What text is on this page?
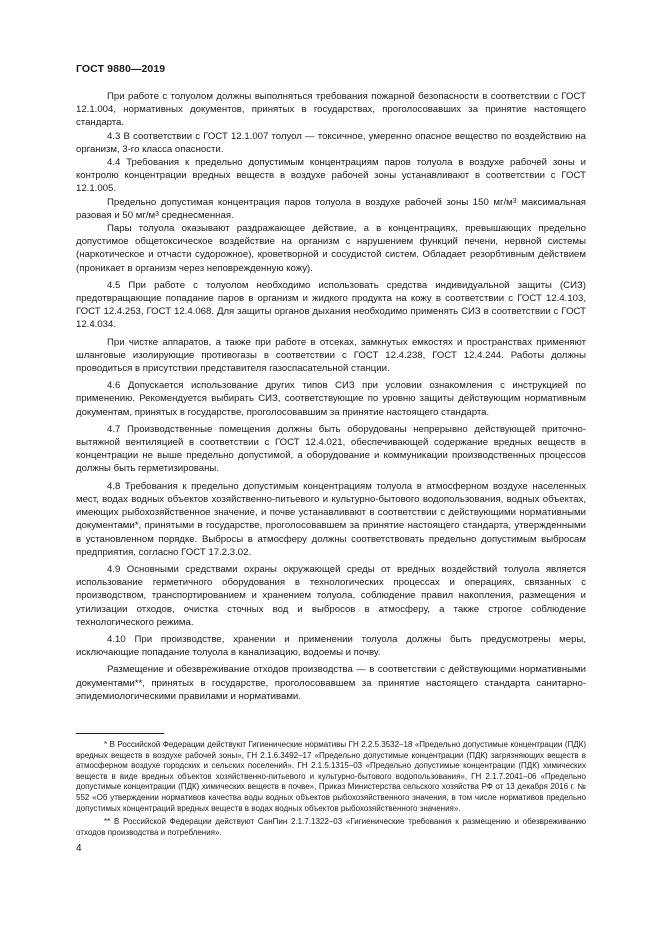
ГОСТ 9880—2019

При работе с толуолом должны выполняться требования пожарной безопасности в соответствии с ГОСТ 12.1.004, нормативных документов, принятых в государствах, проголосовавших за принятие настоящего стандарта.

4.3 В соответствии с ГОСТ 12.1.007 толуол — токсичное, умеренно опасное вещество по воздействию на организм, 3-го класса опасности.

4.4 Требования к предельно допустимым концентрациям паров толуола в воздухе рабочей зоны и контролю концентрации вредных веществ в воздухе рабочей зоны устанавливают в соответствии с ГОСТ 12.1.005.

Предельно допустимая концентрация паров толуола в воздухе рабочей зоны 150 $мг/м^3$ максимальная разовая и 50 $мг/м^3$ среднесменная.

Пары толуола оказывают раздражающее действие, а в концентрациях, превышающих предельно допустимое общетоксическое воздействие на организм с нарушением функций печени, нервной системы (наркотическое и отчасти судорожное), кроветворной и сосудистой систем. Обладает резорбтивным действием (проникает в организм через неповрежденную кожу).

4.5 При работе с толуолом необходимо использовать средства индивидуальной защиты (СИЗ) предотвращающие попадание паров в организм и жидкого продукта на кожу в соответствии с ГОСТ 12.4.103, ГОСТ 12.4.253, ГОСТ 12.4.068. Для защиты органов дыхания необходимо применять СИЗ в соответствии с ГОСТ 12.4.034.

При чистке аппаратов, а также при работе в отсеках, замкнутых емкостях и пространствах применяют шланговые изолирующие противогазы в соответствии с ГОСТ 12.4.238, ГОСТ 12.4.244. Работы должны проводиться в присутствии представителя газоспасательной станции.

4.6 Допускается использование других типов СИЗ при условии ознакомления с инструкцией по применению. Рекомендуется выбирать СИЗ, соответствующие по уровню защиты действующим нормативным документам, принятых в государстве, проголосовавшим за принятие настоящего стандарта.

4.7 Производственные помещения должны быть оборудованы непрерывно действующей приточно-вытяжной вентиляцией в соответствии с ГОСТ 12.4.021, обеспечивающей содержание вредных веществ в концентрации не выше предельно допустимой, а оборудование и коммуникации производственных процессов должны быть герметизированы.

4.8 Требования к предельно допустимым концентрациям толуола в атмосферном воздухе населенных мест, водах водных объектов хозяйственно-питьевого и культурно-бытового водопользования, водных объектах, имеющих рыбохозяйственное значение, и почве устанавливают в соответствии с действующими нормативными документами*, принятыми в государстве, проголосовавшем за принятие настоящего стандарта, утвержденными в установленном порядке. Выбросы в атмосферу должны соответствовать предельно допустимым выбросам предприятия, согласно ГОСТ 17.2.3.02.

4.9 Основными средствами охраны окружающей среды от вредных воздействий толуола является использование герметичного оборудования в технологических процессах и операциях, связанных с производством, транспортированием и хранением толуола, соблюдение правил накопления, размещения и утилизации отходов, очистка сточных вод и выбросов в атмосферу, а также строгое соблюдение технологического режима.

4.10 При производстве, хранении и применении толуола должны быть предусмотрены меры, исключающие попадание толуола в канализацию, водоемы и почву.

Размещение и обезвреживание отходов производства — в соответствии с действующими нормативными документами**, принятых в государстве, проголосовавшем за принятие настоящего стандарта санитарно-эпидемиологическими правилами и нормативами.

* В Российской Федерации действуют Гигиенические нормативы ГН 2.2.5.3532–18 «Предельно допустимые концентрации (ПДК) вредных веществ в воздухе рабочей зоны», ГН 2.1.6.3492–17 «Предельно допустимые концентрации (ПДК) загрязняющих веществ в атмосферном воздухе городских и сельских поселений». ГН 2.1.5.1315–03 «Предельно допустимые концентрации (ПДК) химических веществ в виде вредных объектов хозяйственно-питьевого и культурно-бытового водопользования», ГН 2.1.7.2041–06 «Предельно допустимые концентрации (ПДК) химических веществ в почве», Приказ Министерства сельского хозяйства РФ от 13 декабря 2016 г. № 552 «Об утверждении нормативов качества воды водных объектов рыбохозяйственного значения, в том числе нормативов предельно допустимых концентраций вредных веществ в водах водных объектов рыбохозяйственного значения».

** В Российской Федерации действуют СанПин 2.1.7.1322–03 «Гигиенические требования к размещению и обезвреживанию отходов производства и потребления».

4
